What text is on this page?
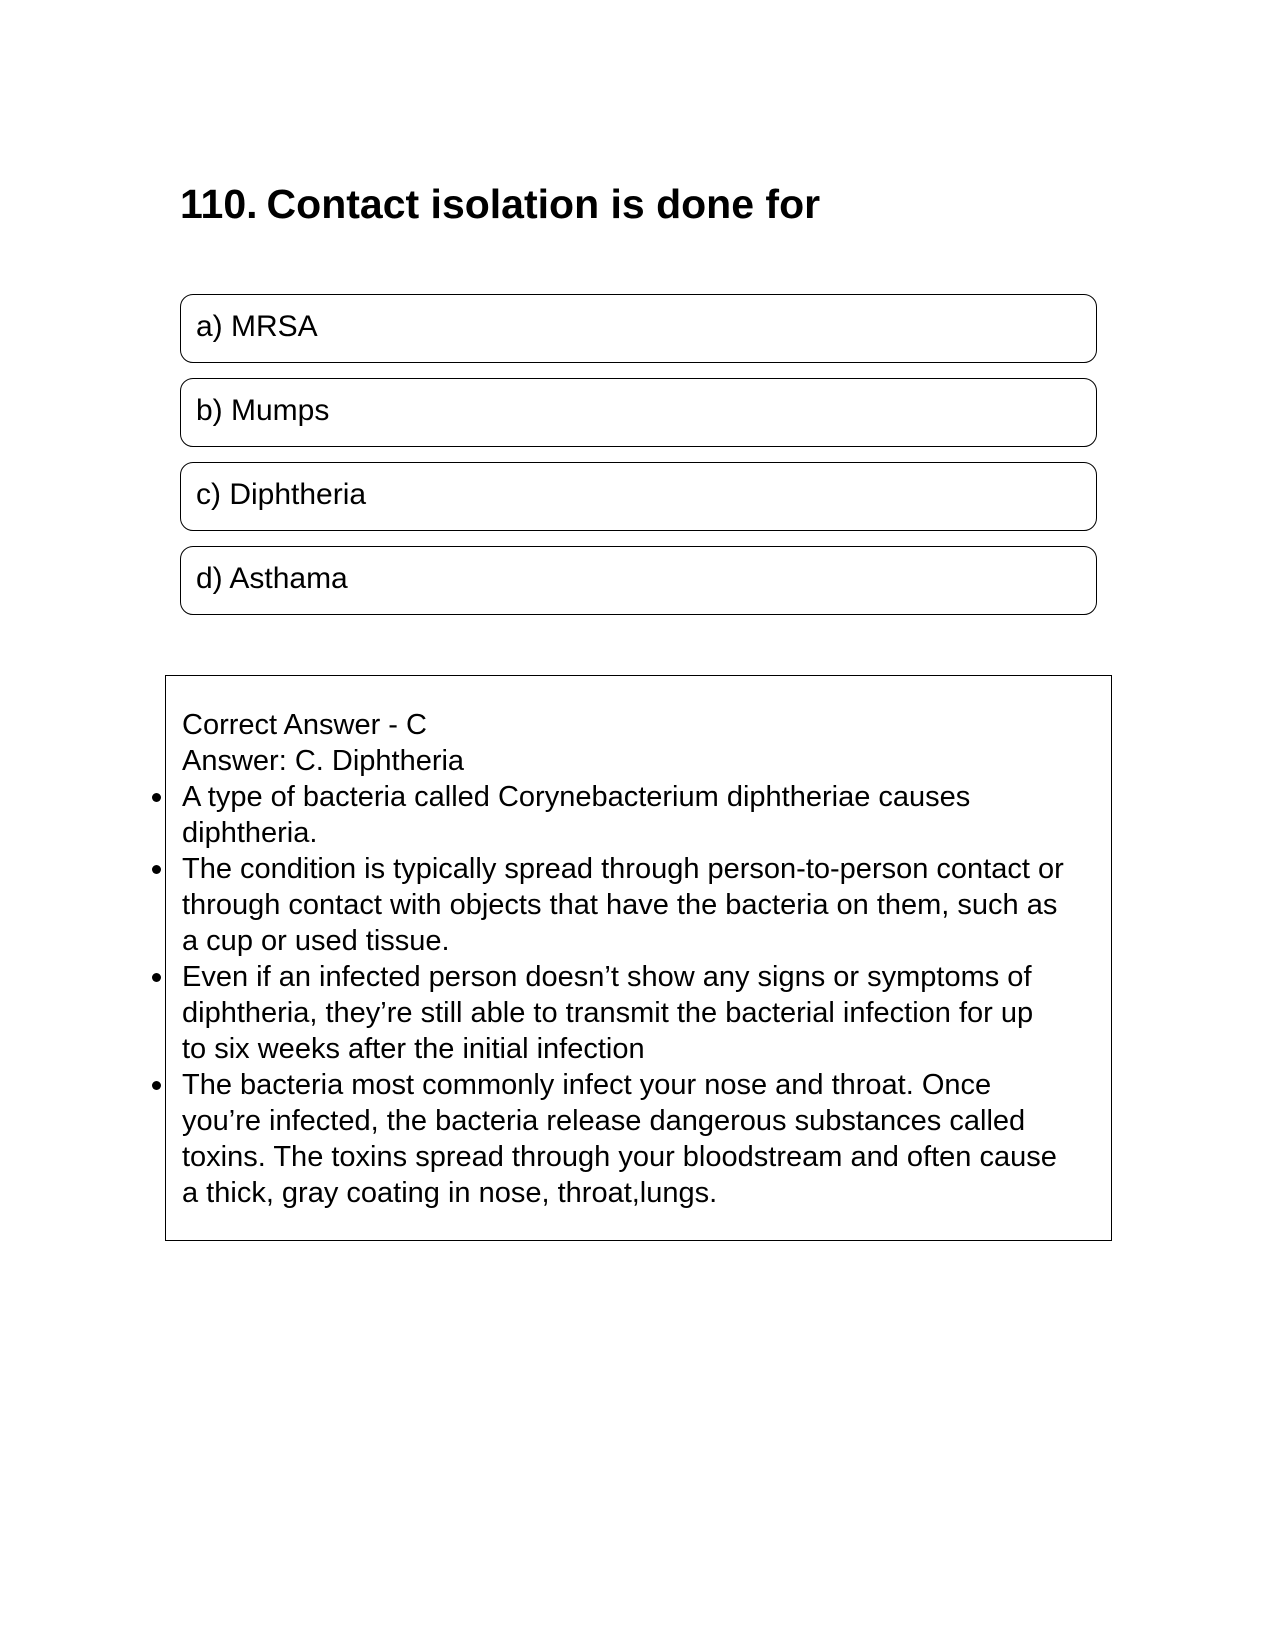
110. Contact isolation is done for
a) MRSA
b) Mumps
c) Diphtheria
d) Asthama
Correct Answer - C
Answer: C. Diphtheria
A type of bacteria called Corynebacterium diphtheriae causes
diphtheria.
The condition is typically spread through person-to-person contact or
through contact with objects that have the bacteria on them, such as
a cup or used tissue.
Even if an infected person doesn’t show any signs or symptoms of
diphtheria, they’re still able to transmit the bacterial infection for up
to six weeks after the initial infection
The bacteria most commonly infect your nose and throat. Once
you’re infected, the bacteria release dangerous substances called
toxins. The toxins spread through your bloodstream and often cause
a thick, gray coating in nose, throat,lungs.
